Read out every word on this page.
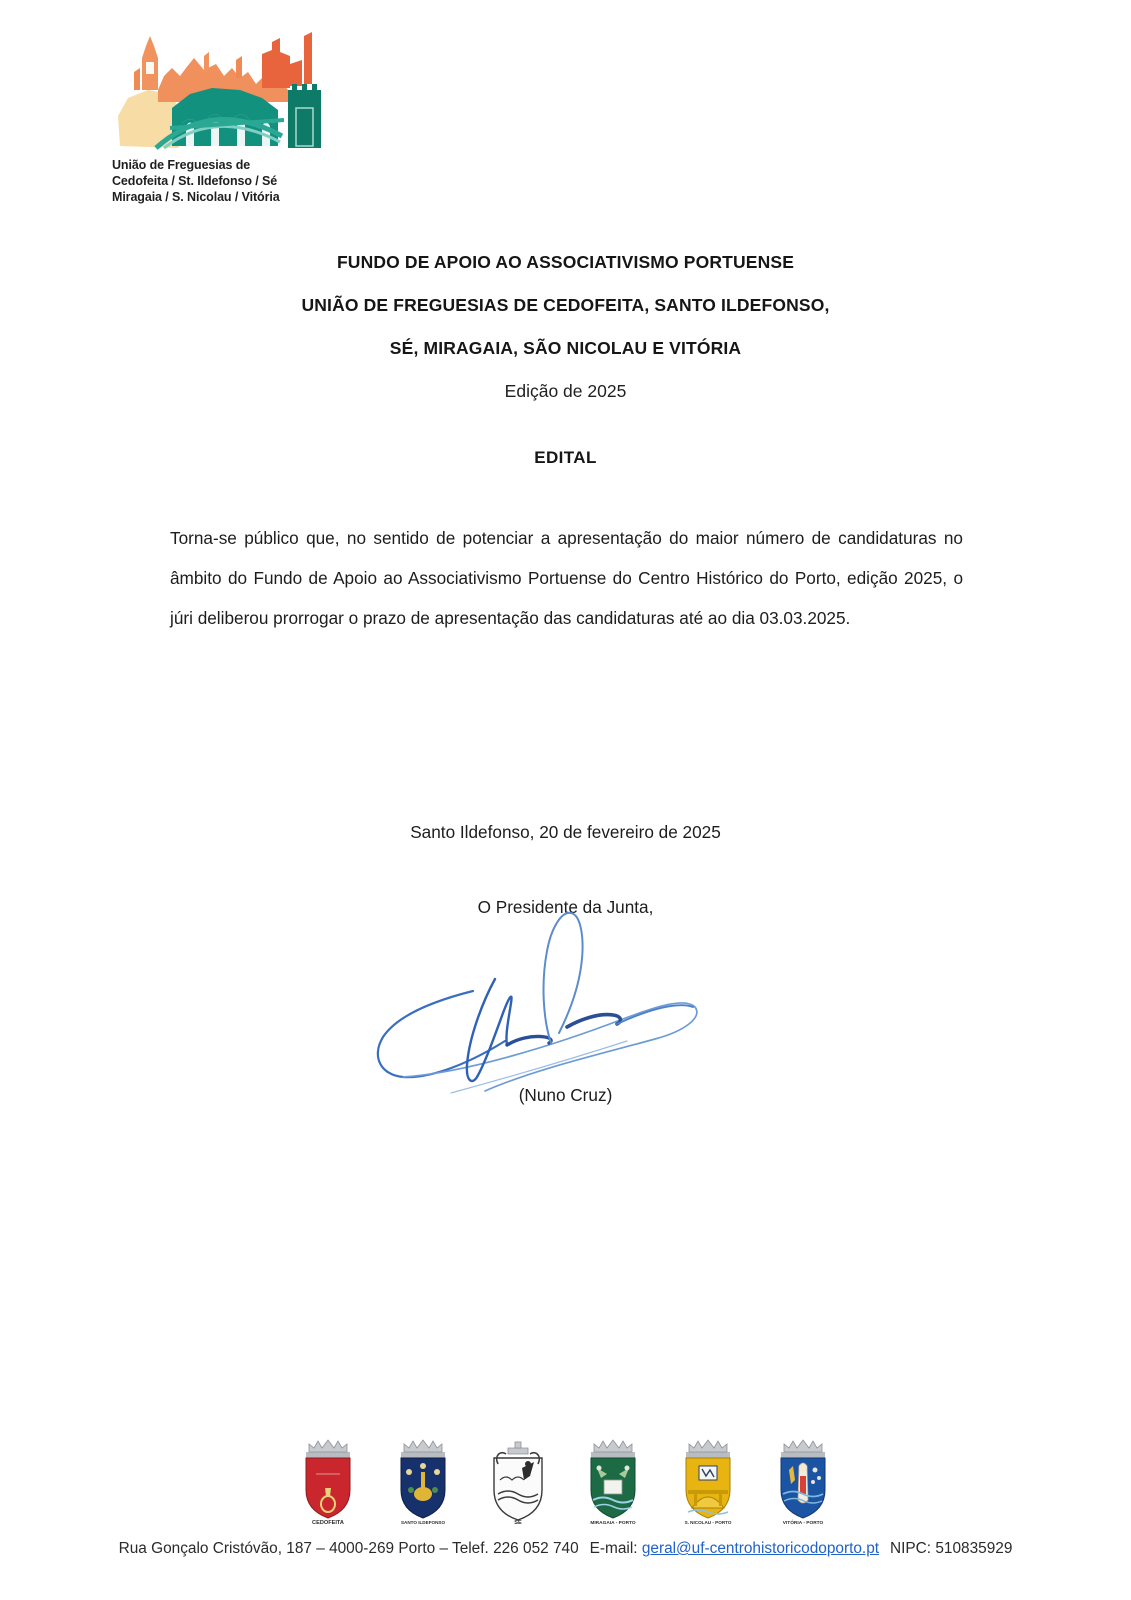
União de Freguesias de
Cedofeita / St. Ildefonso / Sé
Miragaia / S. Nicolau / Vitória
FUNDO DE APOIO AO ASSOCIATIVISMO PORTUENSE
UNIÃO DE FREGUESIAS DE CEDOFEITA, SANTO ILDEFONSO,
SÉ, MIRAGAIA, SÃO NICOLAU E VITÓRIA
Edição de 2025
EDITAL

Torna-se público que, no sentido de potenciar a apresentação do maior número de candidaturas no âmbito do Fundo de Apoio ao Associativismo Portuense do Centro Histórico do Porto, edição 2025, o júri deliberou prorrogar o prazo de apresentação das candidaturas até ao dia 03.03.2025.

Santo Ildefonso, 20 de fevereiro de 2025
O Presidente da Junta,
(Nuno Cruz)
CEDOFEITA	SANTO ILDEFONSO	SÉ	MIRAGAIA - PORTO	S. NICOLAU - PORTO	VITÓRIA - PORTO
Rua Gonçalo Cristóvão, 187 – 4000-269 Porto – Telef. 226 052 740 E-mail: geral@uf-centrohistoricodoporto.pt NIPC: 510835929
